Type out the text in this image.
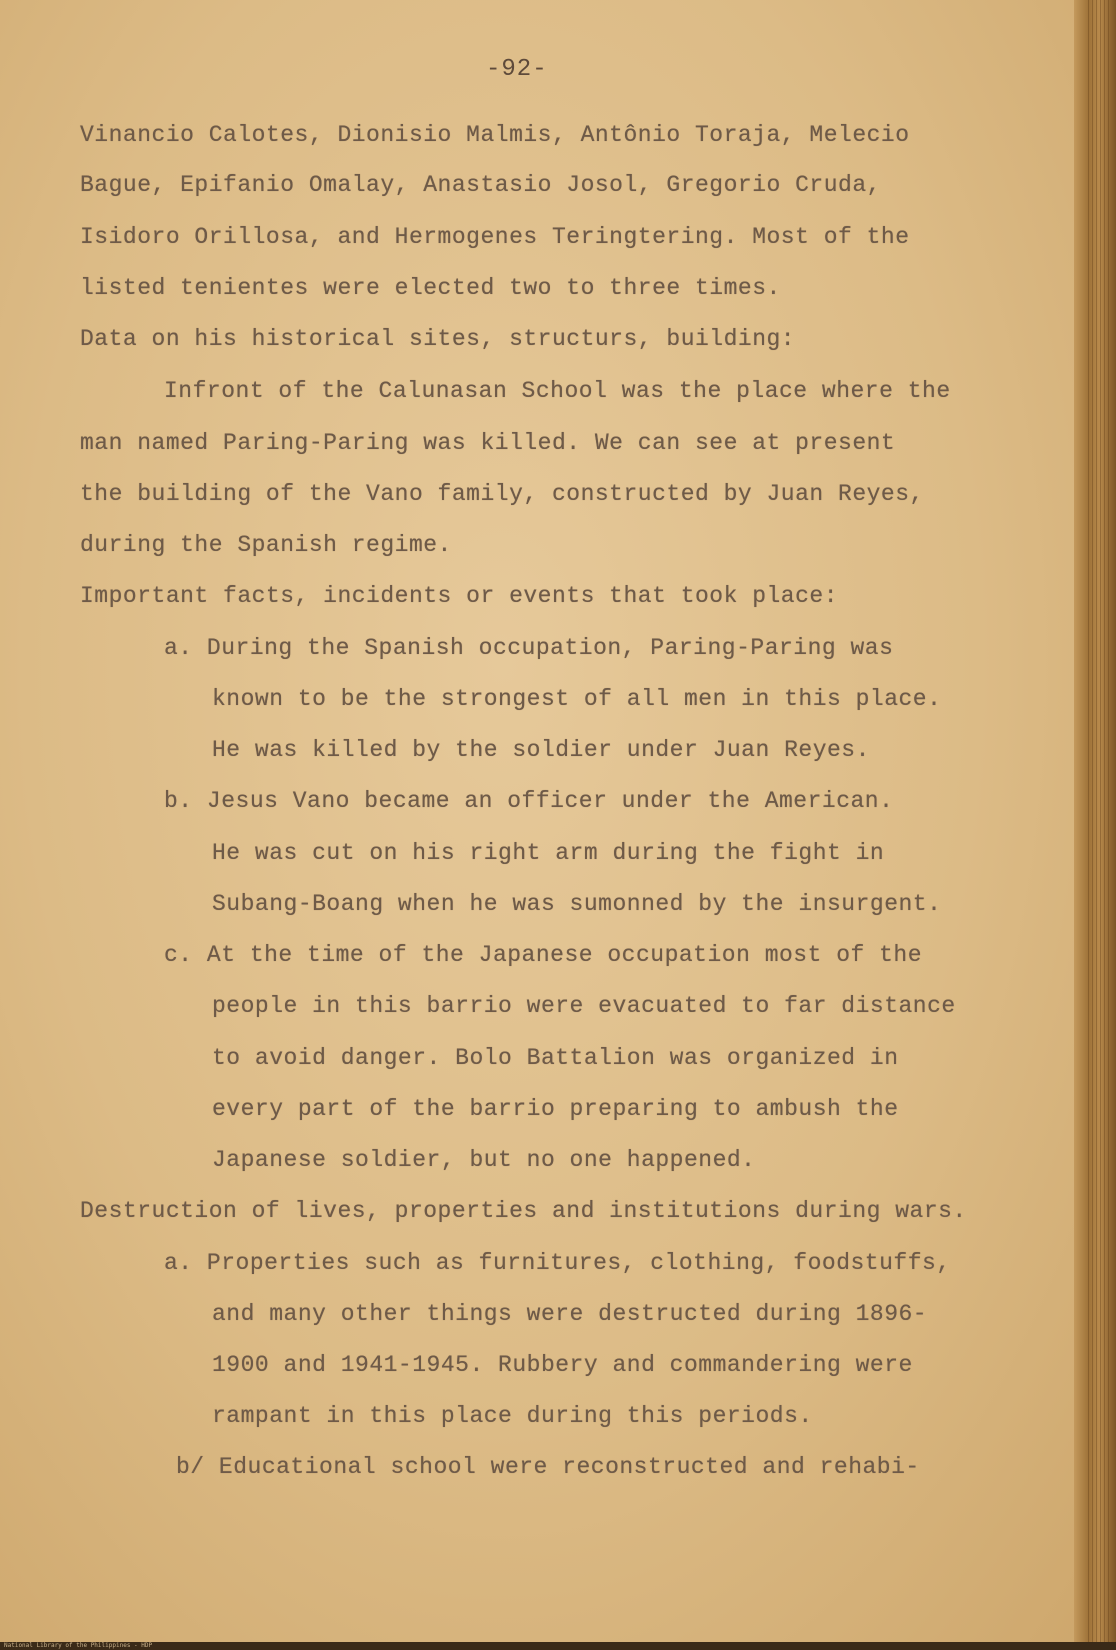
-92-
Vinancio Calotes, Dionisio Malmis, Antônio Toraja, Melecio
Bague, Epifanio Omalay, Anastasio Josol, Gregorio Cruda,
Isidoro Orillosa, and Hermogenes Teringtering. Most of the
listed tenientes were elected two to three times.
Data on his historical sites, structurs, building:
Infront of the Calunasan School was the place where the
man named Paring-Paring was killed. We can see at present
the building of the Vano family, constructed by Juan Reyes,
during the Spanish regime.
Important facts, incidents or events that took place:
a. During the Spanish occupation, Paring-Paring was
known to be the strongest of all men in this place.
He was killed by the soldier under Juan Reyes.
b. Jesus Vano became an officer under the American.
He was cut on his right arm during the fight in
Subang-Boang when he was sumonned by the insurgent.
c. At the time of the Japanese occupation most of the
people in this barrio were evacuated to far distance
to avoid danger. Bolo Battalion was organized in
every part of the barrio preparing to ambush the
Japanese soldier, but no one happened.
Destruction of lives, properties and institutions during wars.
a. Properties such as furnitures, clothing, foodstuffs,
and many other things were destructed during 1896-
1900 and 1941-1945. Rubbery and commandering were
rampant in this place during this periods.
b/ Educational school were reconstructed and rehabi-
National Library of the Philippines - HDP
